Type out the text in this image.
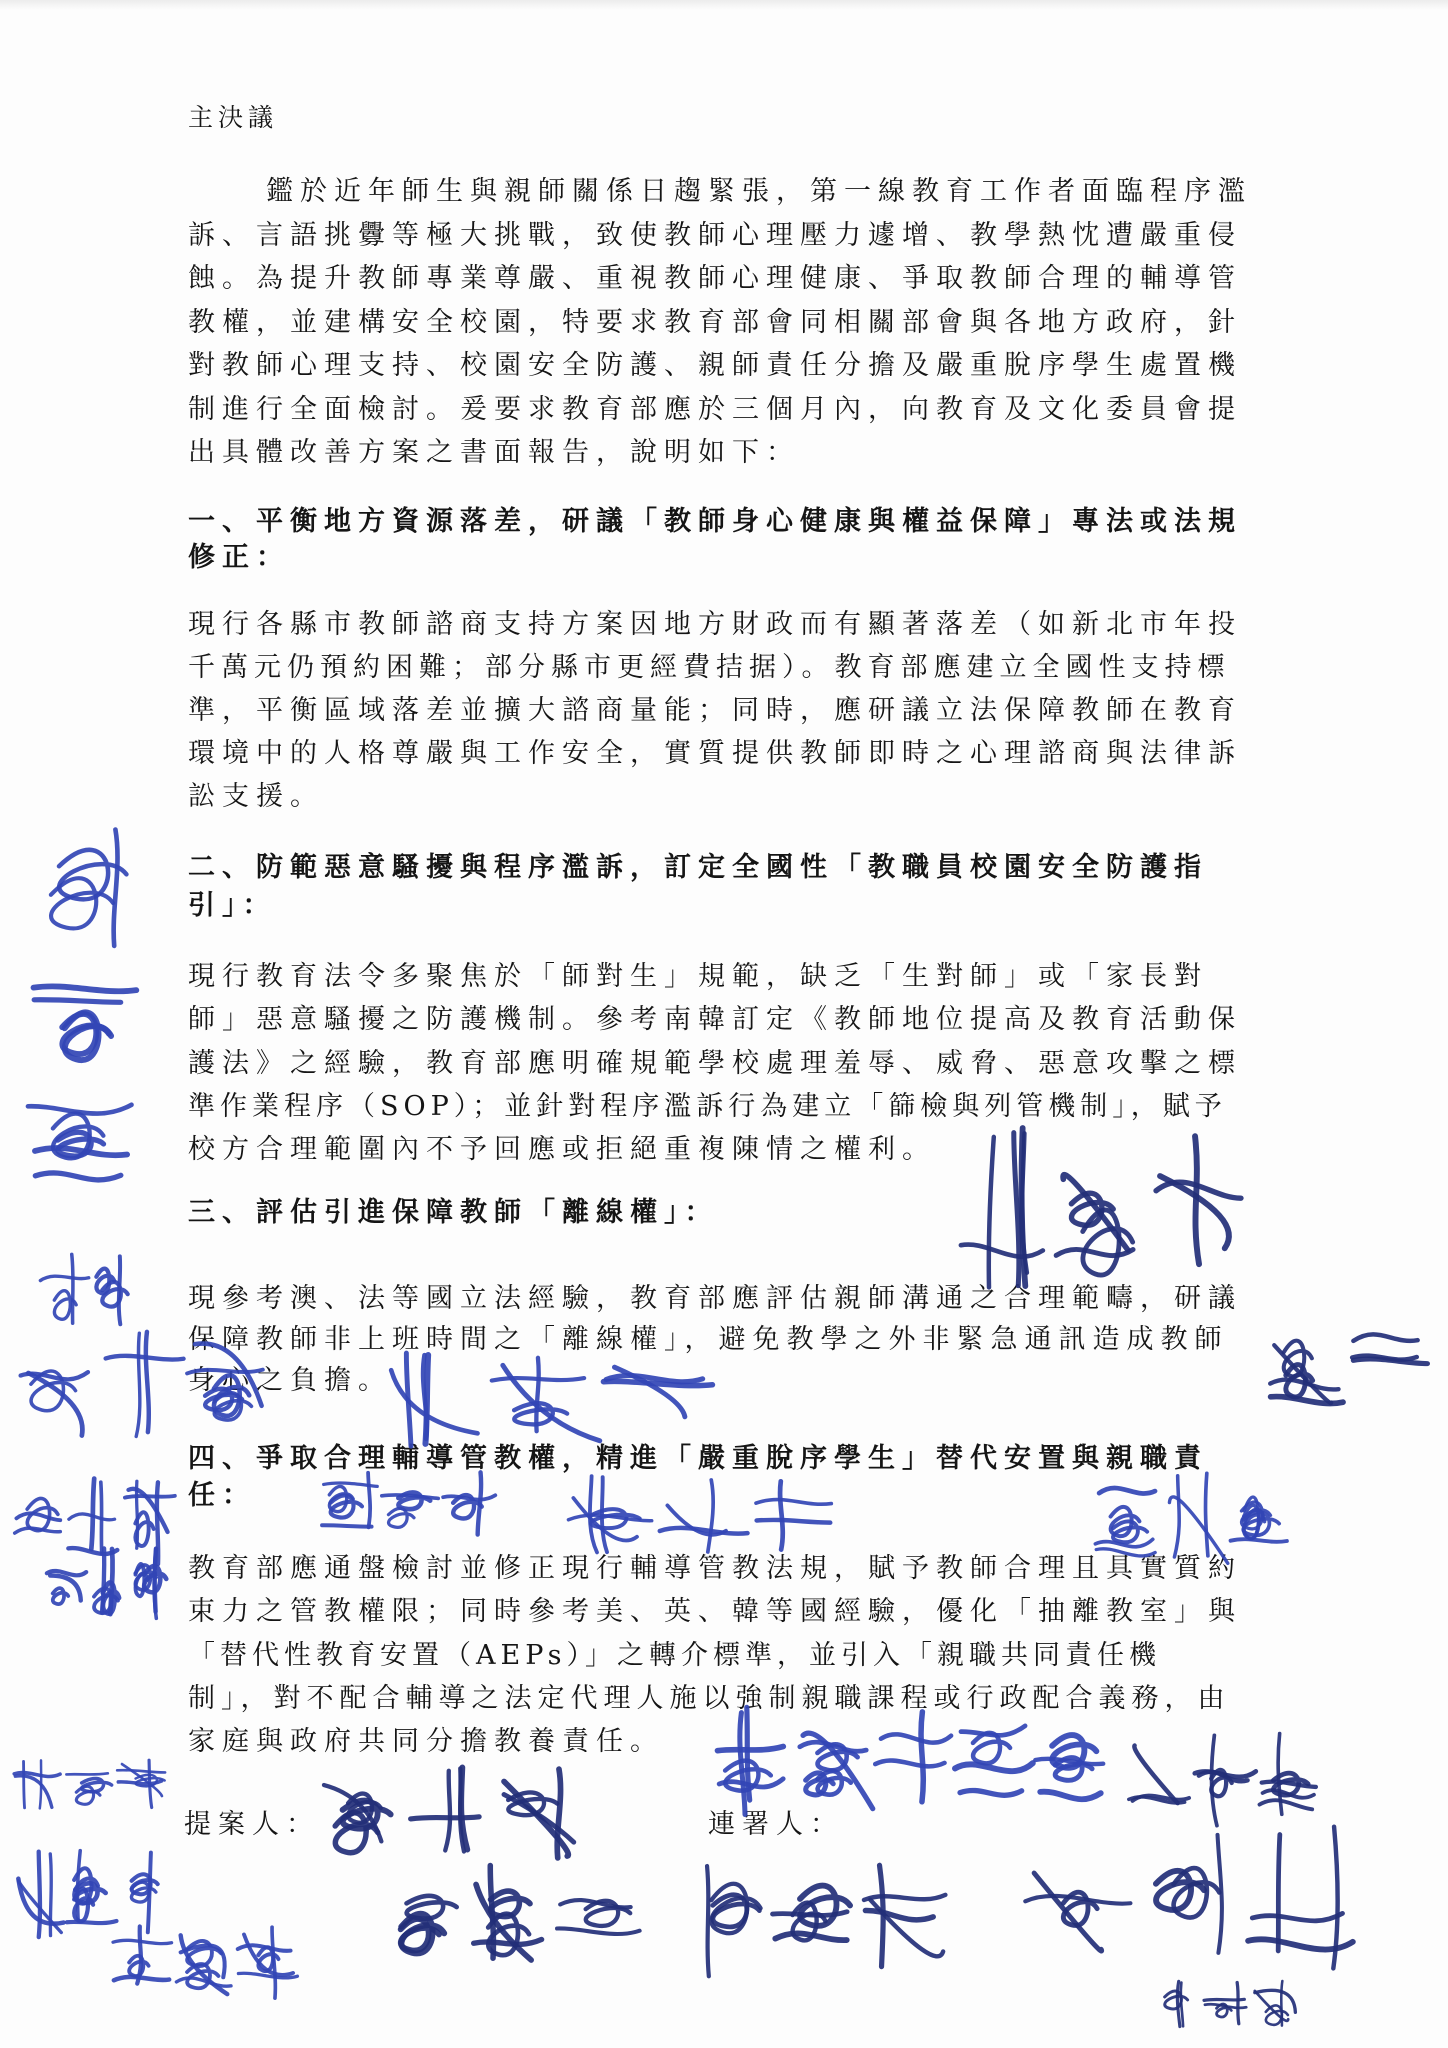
主決議
鑑於近年師生與親師關係日趨緊張，第一線教育工作者面臨程序濫
訴、言語挑釁等極大挑戰，致使教師心理壓力遽增、教學熱忱遭嚴重侵
蝕。為提升教師專業尊嚴、重視教師心理健康、爭取教師合理的輔導管
教權，並建構安全校園，特要求教育部會同相關部會與各地方政府，針
對教師心理支持、校園安全防護、親師責任分擔及嚴重脫序學生處置機
制進行全面檢討。爰要求教育部應於三個月內，向教育及文化委員會提
出具體改善方案之書面報告，說明如下：
一、平衡地方資源落差，研議「教師身心健康與權益保障」專法或法規
修正：
現行各縣市教師諮商支持方案因地方財政而有顯著落差（如新北市年投
千萬元仍預約困難；部分縣市更經費拮据）。教育部應建立全國性支持標
準，平衡區域落差並擴大諮商量能；同時，應研議立法保障教師在教育
環境中的人格尊嚴與工作安全，實質提供教師即時之心理諮商與法律訴
訟支援。
二、防範惡意騷擾與程序濫訴，訂定全國性「教職員校園安全防護指
引」：
現行教育法令多聚焦於「師對生」規範，缺乏「生對師」或「家長對
師」惡意騷擾之防護機制。參考南韓訂定《教師地位提高及教育活動保
護法》之經驗，教育部應明確規範學校處理羞辱、威脅、惡意攻擊之標
準作業程序（SOP）；並針對程序濫訴行為建立「篩檢與列管機制」，賦予
校方合理範圍內不予回應或拒絕重複陳情之權利。
三、評估引進保障教師「離線權」：
現參考澳、法等國立法經驗，教育部應評估親師溝通之合理範疇，研議
保障教師非上班時間之「離線權」，避免教學之外非緊急通訊造成教師
身心之負擔。
四、爭取合理輔導管教權，精進「嚴重脫序學生」替代安置與親職責
任：
教育部應通盤檢討並修正現行輔導管教法規，賦予教師合理且具實質約
束力之管教權限；同時參考美、英、韓等國經驗，優化「抽離教室」與
「替代性教育安置（AEPs）」之轉介標準，並引入「親職共同責任機
制」，對不配合輔導之法定代理人施以強制親職課程或行政配合義務，由
家庭與政府共同分擔教養責任。
提案人：	連署人：
